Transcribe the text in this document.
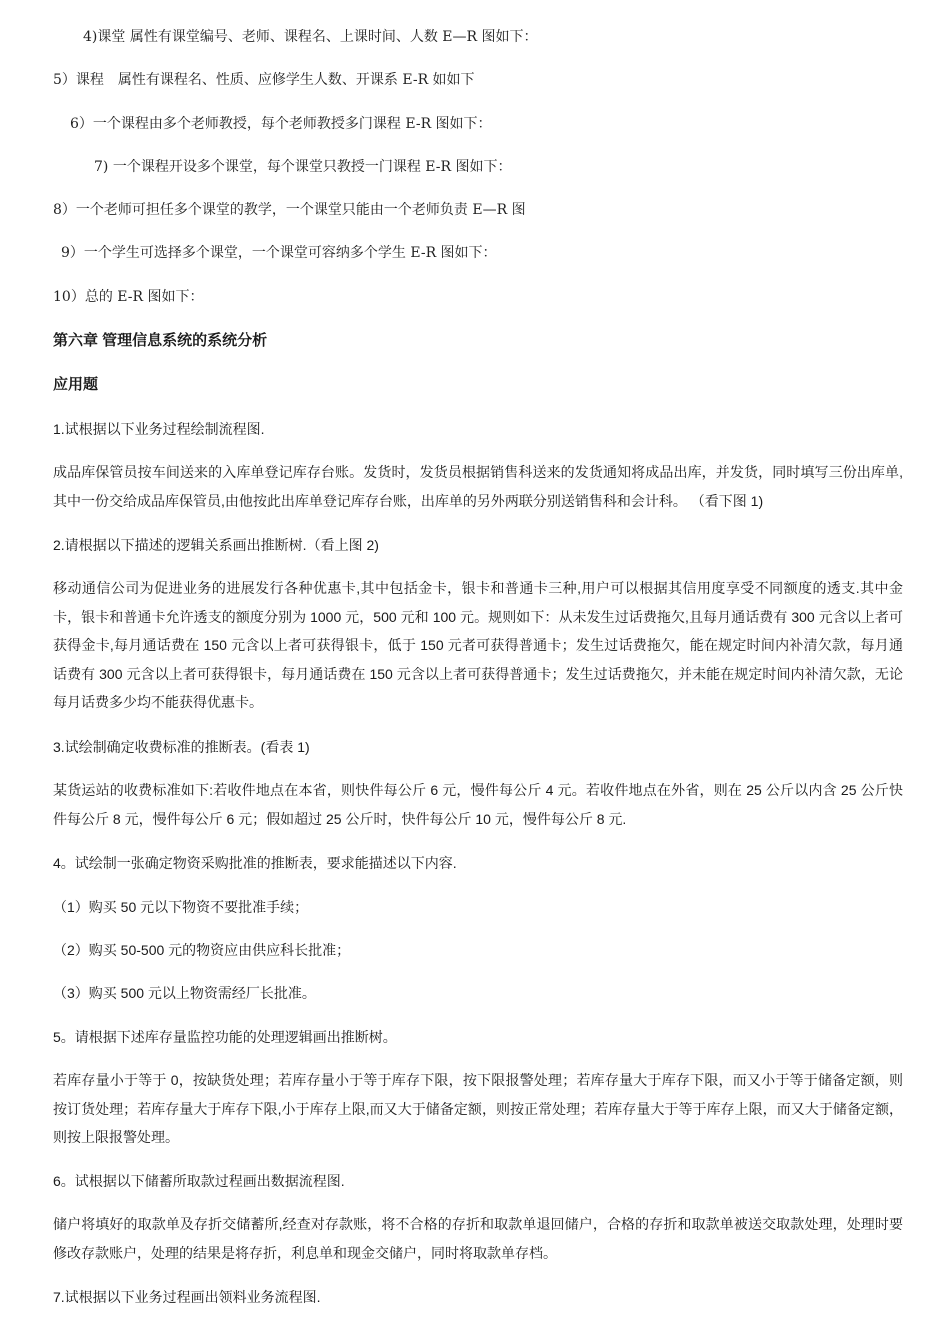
4)课堂 属性有课堂编号、老师、课程名、上课时间、人数 E—R 图如下：
5）课程　属性有课程名、性质、应修学生人数、开课系 E-R 如如下
6）一个课程由多个老师教授，每个老师教授多门课程 E-R 图如下：
7) 一个课程开设多个课堂，每个课堂只教授一门课程 E-R 图如下：
8）一个老师可担任多个课堂的教学，一个课堂只能由一个老师负责 E—R 图
9）一个学生可选择多个课堂，一个课堂可容纳多个学生 E-R 图如下：
10）总的 E-R 图如下：
第六章 管理信息系统的系统分析
应用题
1.试根据以下业务过程绘制流程图.
成品库保管员按车间送来的入库单登记库存台账。发货时，发货员根据销售科送来的发货通知将成品出库，并发货，同时填写三份出库单,其中一份交给成品库保管员,由他按此出库单登记库存台账，出库单的另外两联分别送销售科和会计科。 （看下图 1)
2.请根据以下描述的逻辑关系画出推断树.（看上图 2)
移动通信公司为促进业务的进展发行各种优惠卡,其中包括金卡，银卡和普通卡三种,用户可以根据其信用度享受不同额度的透支.其中金卡，银卡和普通卡允许透支的额度分别为 1000 元，500 元和 100 元。规则如下：从未发生过话费拖欠,且每月通话费有 300 元含以上者可获得金卡,每月通话费在 150 元含以上者可获得银卡，低于 150 元者可获得普通卡；发生过话费拖欠，能在规定时间内补清欠款，每月通话费有 300 元含以上者可获得银卡，每月通话费在 150 元含以上者可获得普通卡；发生过话费拖欠，并未能在规定时间内补清欠款，无论每月话费多少均不能获得优惠卡。
3.试绘制确定收费标准的推断表。(看表 1)
某货运站的收费标准如下:若收件地点在本省，则快件每公斤 6 元，慢件每公斤 4 元。若收件地点在外省，则在 25 公斤以内含 25 公斤快件每公斤 8 元，慢件每公斤 6 元；假如超过 25 公斤时，快件每公斤 10 元，慢件每公斤 8 元.
4。试绘制一张确定物资采购批准的推断表，要求能描述以下内容.
（1）购买 50 元以下物资不要批准手续；
（2）购买 50-500 元的物资应由供应科长批准；
（3）购买 500 元以上物资需经厂长批准。
5。请根据下述库存量监控功能的处理逻辑画出推断树。
若库存量小于等于 0，按缺货处理；若库存量小于等于库存下限，按下限报警处理；若库存量大于库存下限，而又小于等于储备定额，则按订货处理；若库存量大于库存下限,小于库存上限,而又大于储备定额，则按正常处理；若库存量大于等于库存上限，而又大于储备定额，则按上限报警处理。
6。试根据以下储蓄所取款过程画出数据流程图.
储户将填好的取款单及存折交储蓄所,经查对存款账，将不合格的存折和取款单退回储户，合格的存折和取款单被送交取款处理，处理时要修改存款账户，处理的结果是将存折，利息单和现金交储户，同时将取款单存档。
7.试根据以下业务过程画出领料业务流程图.
